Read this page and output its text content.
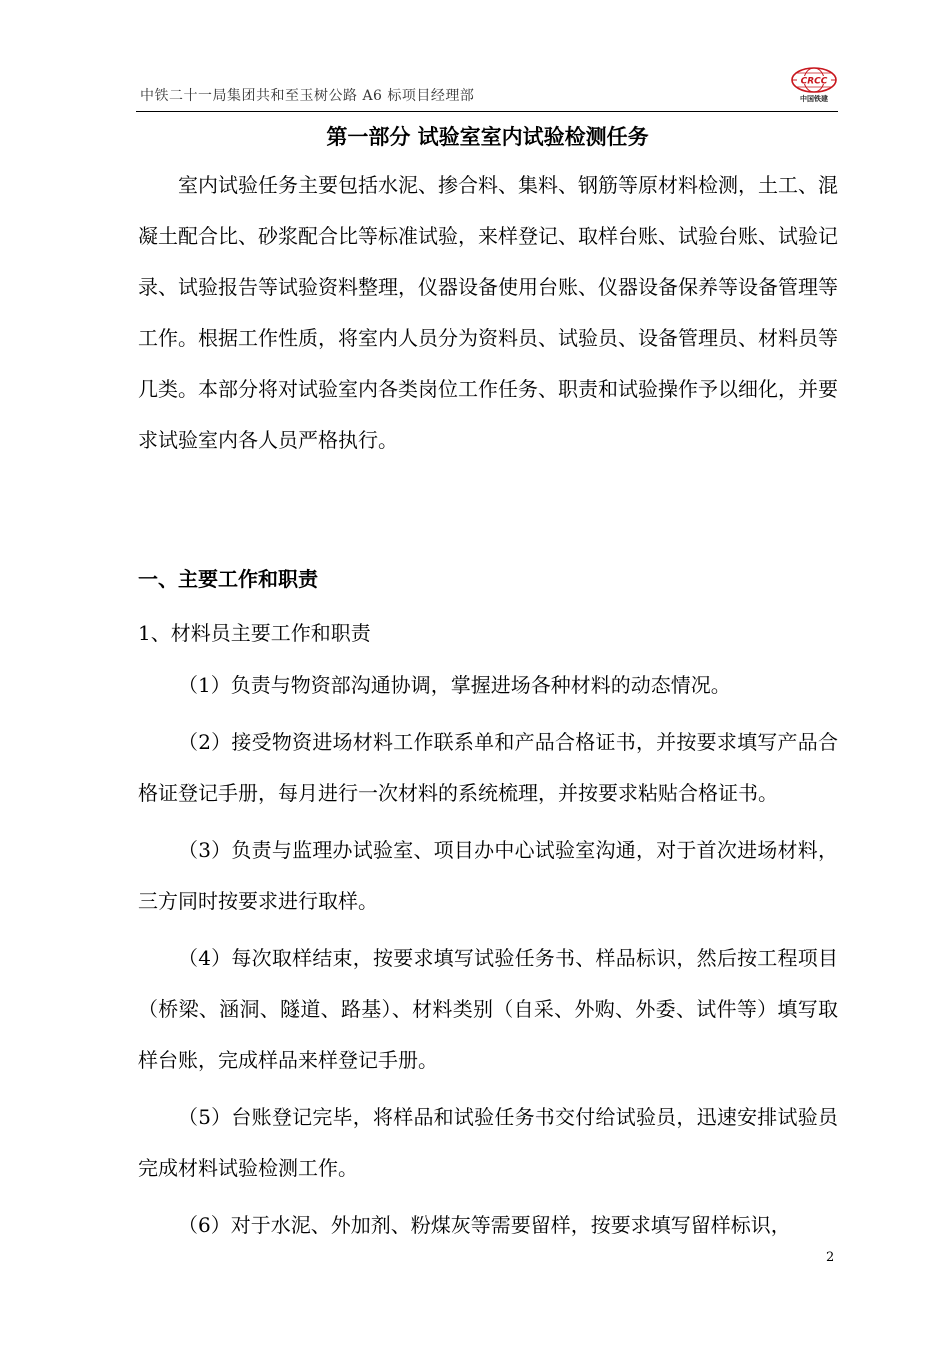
中铁二十一局集团共和至玉树公路 A6 标项目经理部
CRCC
中国铁建
第一部分 试验室室内试验检测任务

室内试验任务主要包括水泥、掺合料、集料、钢筋等原材料检测，土工、混凝土配合比、砂浆配合比等标准试验，来样登记、取样台账、试验台账、试验记录、试验报告等试验资料整理，仪器设备使用台账、仪器设备保养等设备管理等工作。根据工作性质，将室内人员分为资料员、试验员、设备管理员、材料员等几类。本部分将对试验室内各类岗位工作任务、职责和试验操作予以细化，并要求试验室内各人员严格执行。

一、主要工作和职责
1、材料员主要工作和职责

（1）负责与物资部沟通协调，掌握进场各种材料的动态情况。

（2）接受物资进场材料工作联系单和产品合格证书，并按要求填写产品合格证登记手册，每月进行一次材料的系统梳理，并按要求粘贴合格证书。

（3）负责与监理办试验室、项目办中心试验室沟通，对于首次进场材料，三方同时按要求进行取样。

（4）每次取样结束，按要求填写试验任务书、样品标识，然后按工程项目（桥梁、涵洞、隧道、路基）、材料类别（自采、外购、外委、试件等）填写取样台账，完成样品来样登记手册。

（5）台账登记完毕，将样品和试验任务书交付给试验员，迅速安排试验员完成材料试验检测工作。

（6）对于水泥、外加剂、粉煤灰等需要留样，按要求填写留样标识，

2
